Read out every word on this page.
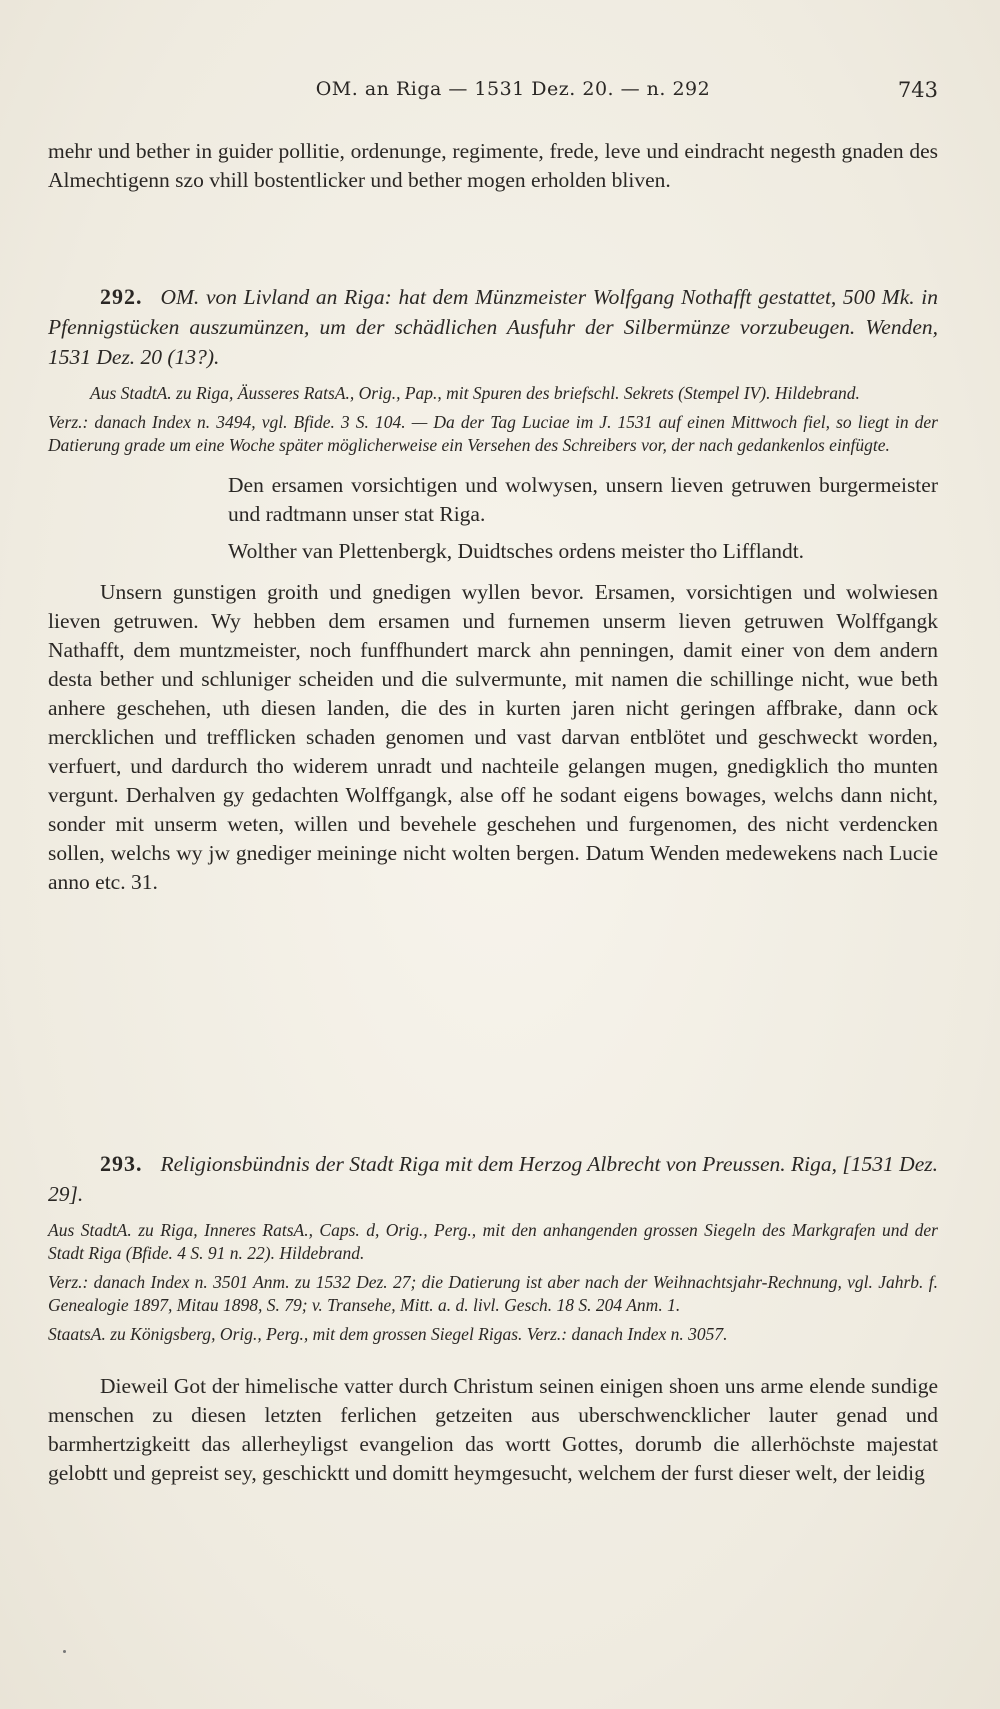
OM. an Riga — 1531 Dez. 20. — n. 292	743

mehr und bether in guider pollitie, ordenunge, regimente, frede, leve und eindracht negesth gnaden des Almechtigenn szo vhill bostentlicker und bether mogen erholden bliven.

292. OM. von Livland an Riga: hat dem Münzmeister Wolfgang Nothafft gestattet, 500 Mk. in Pfennigstücken auszumünzen, um der schädlichen Ausfuhr der Silbermünze vorzubeugen. Wenden, 1531 Dez. 20 (13?).

Aus StadtA. zu Riga, Äusseres RatsA., Orig., Pap., mit Spuren des briefschl. Sekrets (Stempel IV). Hildebrand.

Verz.: danach Index n. 3494, vgl. Bfide. 3 S. 104. — Da der Tag Luciae im J. 1531 auf einen Mittwoch fiel, so liegt in der Datierung grade um eine Woche später möglicherweise ein Versehen des Schreibers vor, der nach gedankenlos einfügte.

Den ersamen vorsichtigen und wolwysen, unsern lieven getruwen burgermeister und radtmann unser stat Riga.

Wolther van Plettenbergk, Duidtsches ordens meister tho Lifflandt.

Unsern gunstigen groith und gnedigen wyllen bevor. Ersamen, vorsichtigen und wolwiesen lieven getruwen. Wy hebben dem ersamen und furnemen unserm lieven getruwen Wolffgangk Nathafft, dem muntzmeister, noch funffhundert marck ahn penningen, damit einer von dem andern desta bether und schluniger scheiden und die sulvermunte, mit namen die schillinge nicht, wue beth anhere geschehen, uth diesen landen, die des in kurten jaren nicht geringen affbrake, dann ock mercklichen und trefflicken schaden genomen und vast darvan entblötet und geschweckt worden, verfuert, und dardurch tho widerem unradt und nachteile gelangen mugen, gnedigklich tho munten vergunt. Derhalven gy gedachten Wolffgangk, alse off he sodant eigens bowages, welchs dann nicht, sonder mit unserm weten, willen und bevehele geschehen und furgenomen, des nicht verdencken sollen, welchs wy jw gnediger meininge nicht wolten bergen. Datum Wenden medewekens nach Lucie anno etc. 31.

293. Religionsbündnis der Stadt Riga mit dem Herzog Albrecht von Preussen. Riga, [1531 Dez. 29].

Aus StadtA. zu Riga, Inneres RatsA., Caps. d, Orig., Perg., mit den anhangenden grossen Siegeln des Markgrafen und der Stadt Riga (Bfide. 4 S. 91 n. 22). Hildebrand.

Verz.: danach Index n. 3501 Anm. zu 1532 Dez. 27; die Datierung ist aber nach der Weihnachtsjahr-Rechnung, vgl. Jahrb. f. Genealogie 1897, Mitau 1898, S. 79; v. Transehe, Mitt. a. d. livl. Gesch. 18 S. 204 Anm. 1.

StaatsA. zu Königsberg, Orig., Perg., mit dem grossen Siegel Rigas. Verz.: danach Index n. 3057.

Dieweil Got der himelische vatter durch Christum seinen einigen shoen uns arme elende sundige menschen zu diesen letzten ferlichen getzeiten aus uberschwencklicher lauter genad und barmhertzigkeitt das allerheyligst evangelion das wortt Gottes, dorumb die allerhöchste majestat gelobtt und gepreist sey, geschicktt und domitt heymgesucht, welchem der furst dieser welt, der leidig
